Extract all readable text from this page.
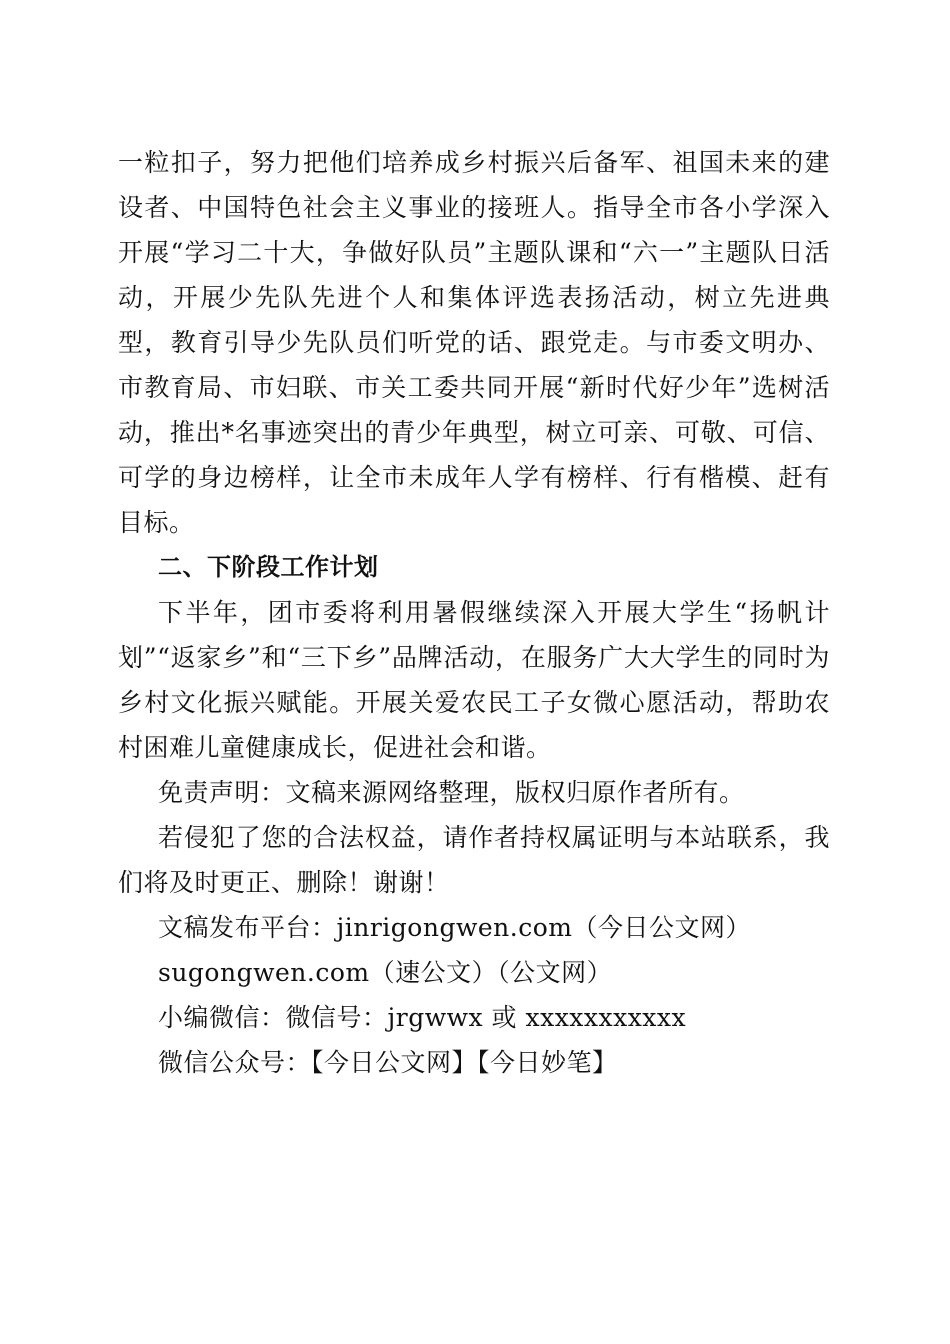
一粒扣子，努力把他们培养成乡村振兴后备军、祖国未来的建设者、中国特色社会主义事业的接班人。指导全市各小学深入开展“学习二十大，争做好队员”主题队课和“六一”主题队日活动，开展少先队先进个人和集体评选表扬活动，树立先进典型，教育引导少先队员们听党的话、跟党走。与市委文明办、市教育局、市妇联、市关工委共同开展“新时代好少年”选树活动，推出*名事迹突出的青少年典型，树立可亲、可敬、可信、可学的身边榜样，让全市未成年人学有榜样、行有楷模、赶有目标。

二、下阶段工作计划

下半年，团市委将利用暑假继续深入开展大学生“扬帆计划”“返家乡”和“三下乡”品牌活动，在服务广大大学生的同时为乡村文化振兴赋能。开展关爱农民工子女微心愿活动，帮助农村困难儿童健康成长，促进社会和谐。

免责声明：文稿来源网络整理，版权归原作者所有。

若侵犯了您的合法权益，请作者持权属证明与本站联系，我们将及时更正、删除！谢谢！

文稿发布平台：jinrigongwen.com（今日公文网）

sugongwen.com（速公文）（公文网）

小编微信：微信号：jrgwwx 或 xxxxxxxxxxx

微信公众号：【今日公文网】【今日妙笔】
